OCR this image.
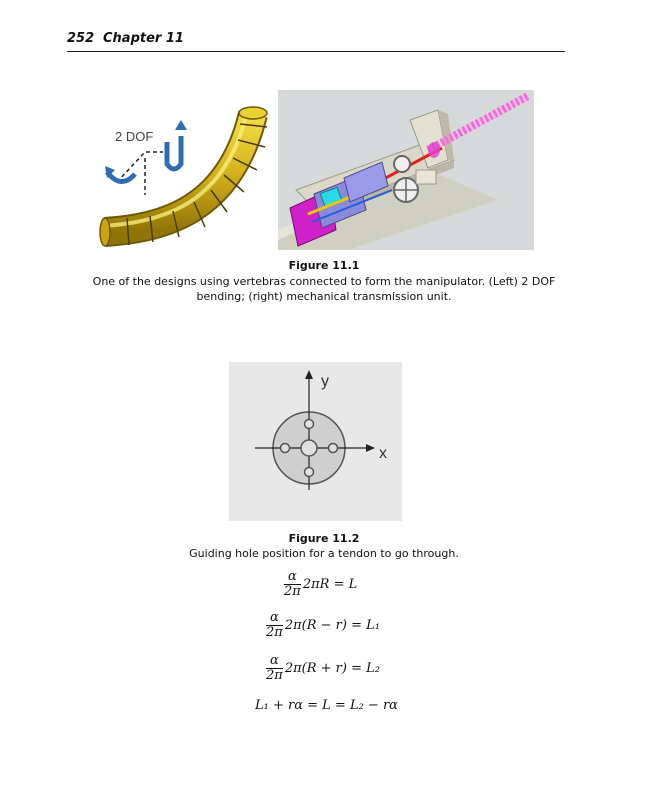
252 Chapter 11
2 DOF
Figure 11.1
One of the designs using vertebras connected to form the manipulator. (Left) 2 DOF bending; (right) mechanical transmission unit.
y
x
Figure 11.2
Guiding hole position for a tendon to go through.
$\frac{\alpha}{2\pi} 2\pi R = L$
$\frac{\alpha}{2\pi} 2\pi(R - r) = L_1$
$\frac{\alpha}{2\pi} 2\pi(R + r) = L_2$
L₁ + rα = L = L₂ − rα
